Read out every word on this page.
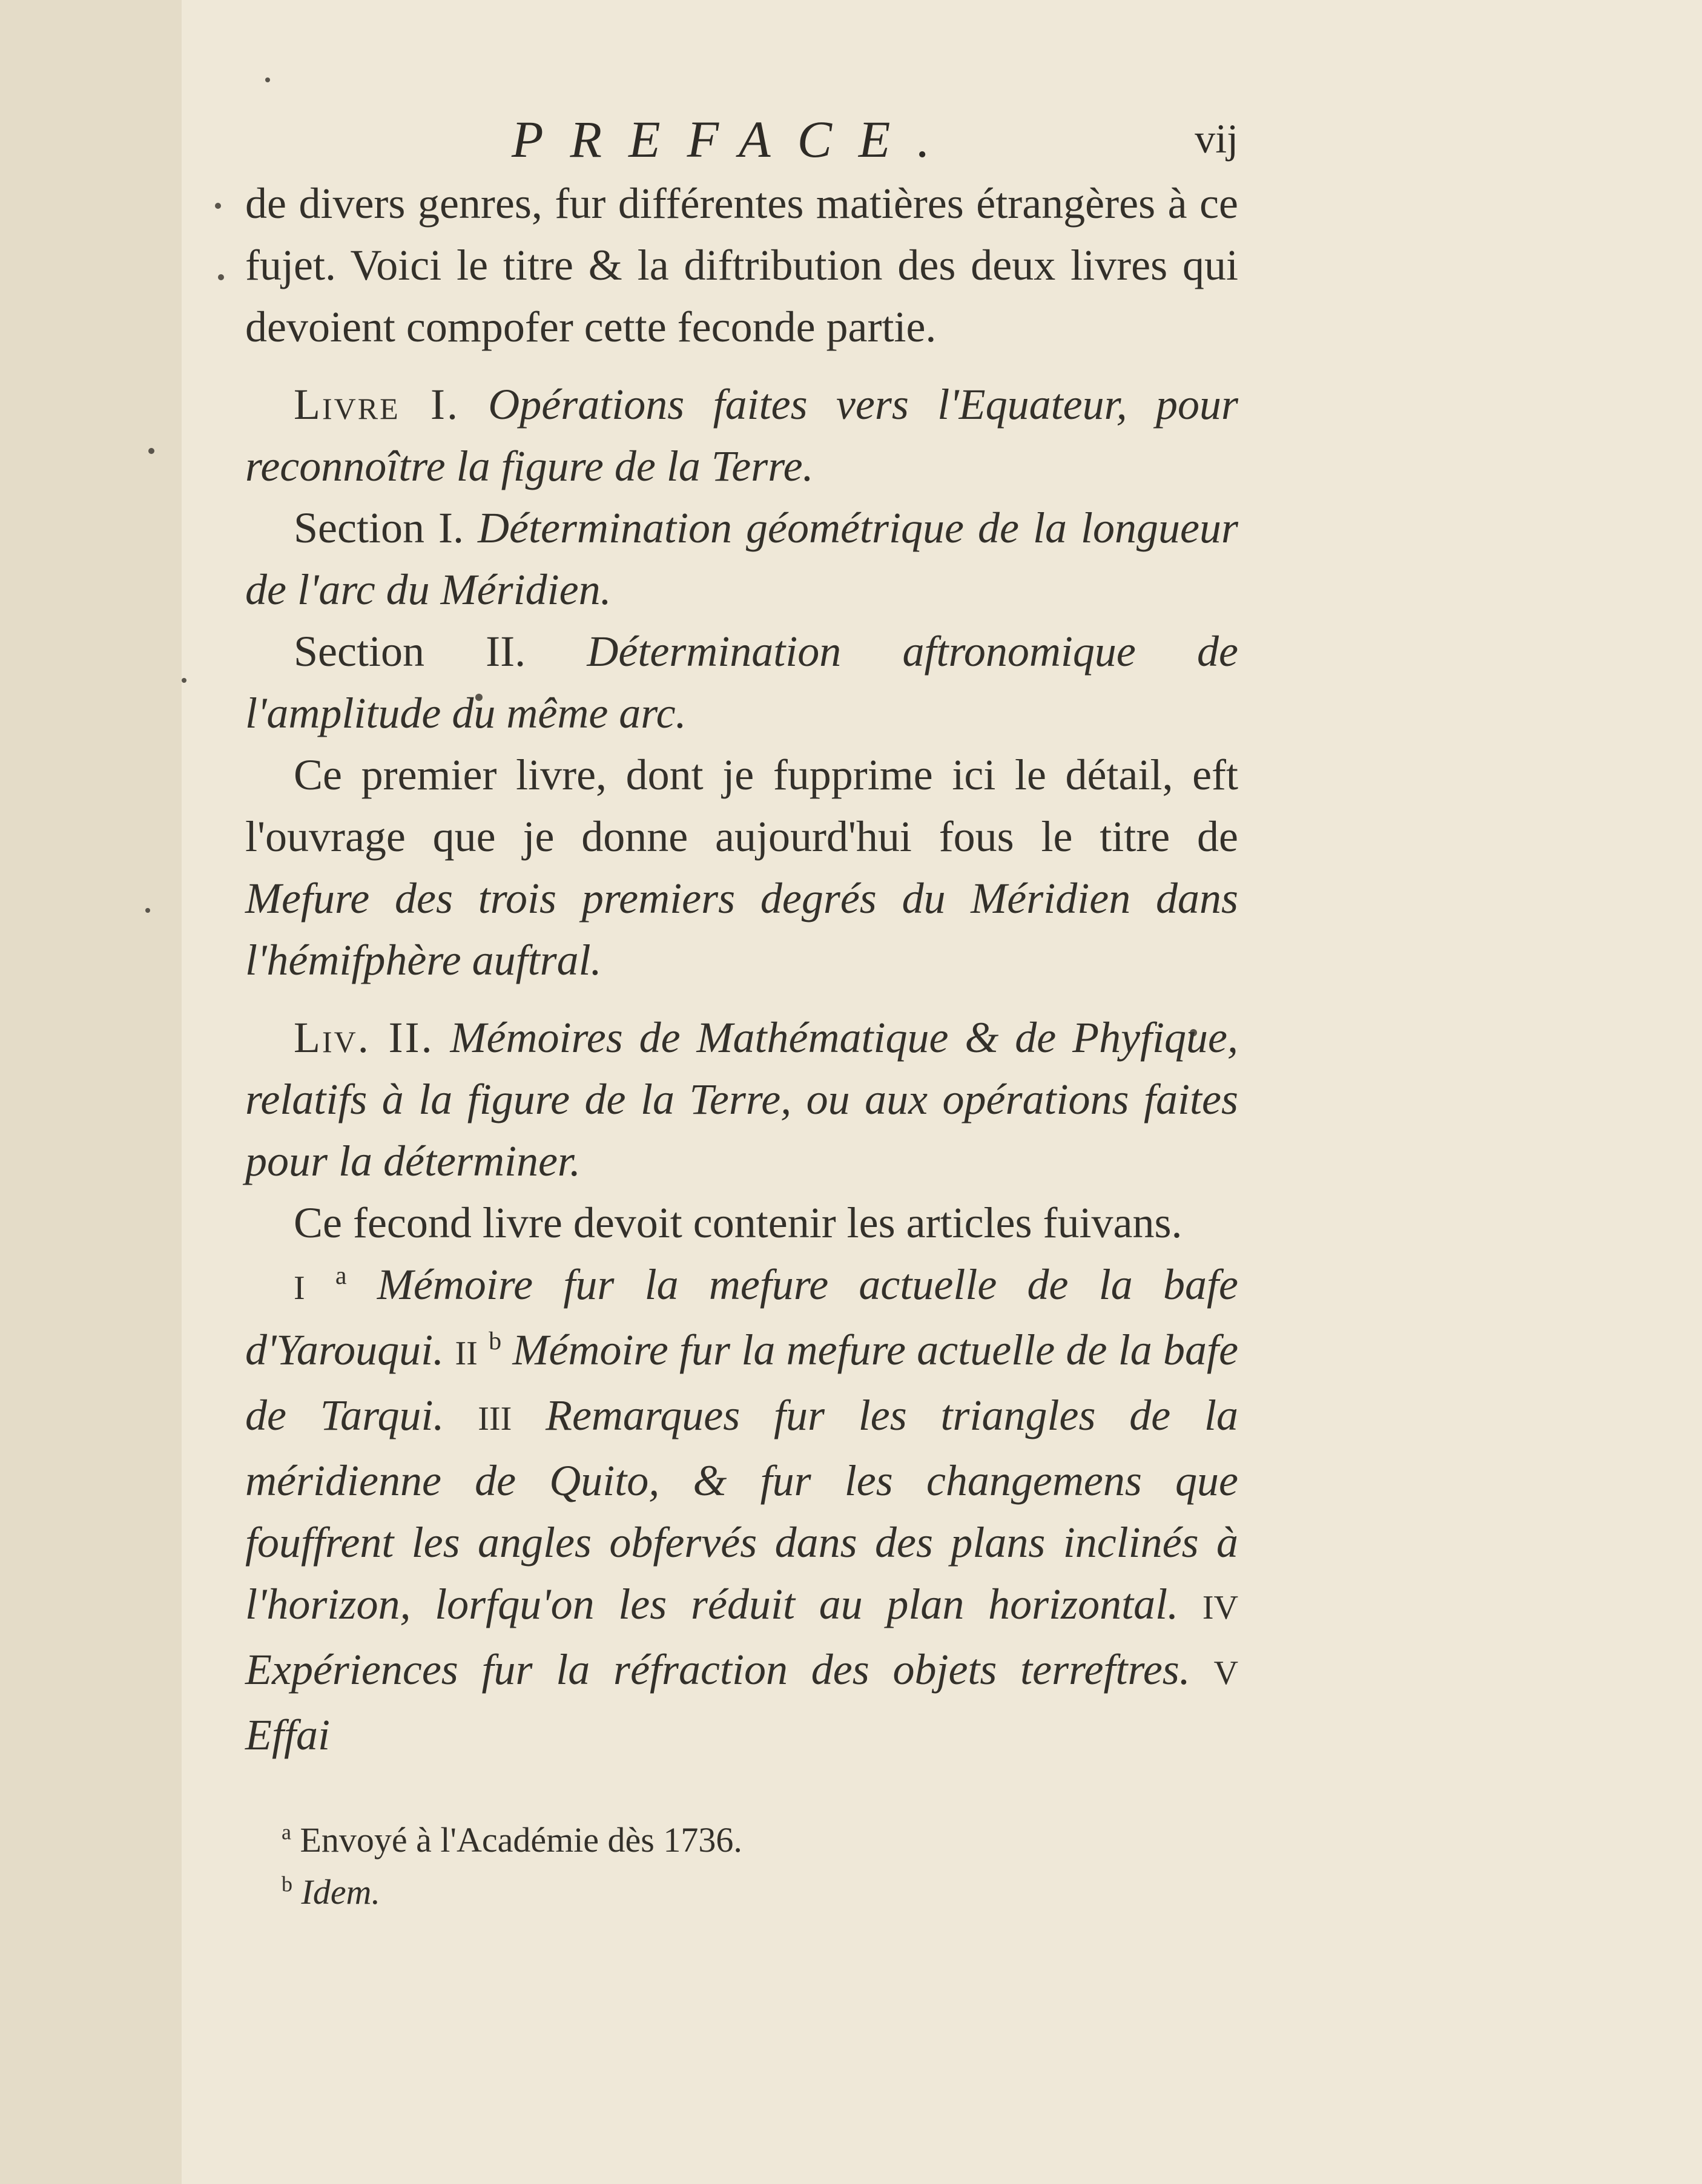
PREFACE.	vij

de divers genres, fur différentes matières étrangères à ce fujet. Voici le titre & la diftribution des deux livres qui devoient compofer cette feconde partie.

Livre I. Opérations faites vers l'Equateur, pour reconnoître la figure de la Terre.

Section I. Détermination géométrique de la longueur de l'arc du Méridien.

Section II. Détermination aftronomique de l'amplitude du même arc.

Ce premier livre, dont je fupprime ici le détail, eft l'ouvrage que je donne aujourd'hui fous le titre de Mefure des trois premiers degrés du Méridien dans l'hémifphère auftral.

Liv. II. Mémoires de Mathématique & de Phyfique, relatifs à la figure de la Terre, ou aux opérations faites pour la déterminer.

Ce fecond livre devoit contenir les articles fuivans.

I $^a$ Mémoire fur la mefure actuelle de la bafe d'Yarouqui. II $^b$ Mémoire fur la mefure actuelle de la bafe de Tarqui. III Remarques fur les triangles de la méridienne de Quito, & fur les changemens que fouffrent les angles obfervés dans des plans inclinés à l'horizon, lorfqu'on les réduit au plan horizontal. IV Expériences fur la réfraction des objets terreftres. V Effai

$^a$ Envoyé à l'Académie dès 1736.

$^b$ Idem.
